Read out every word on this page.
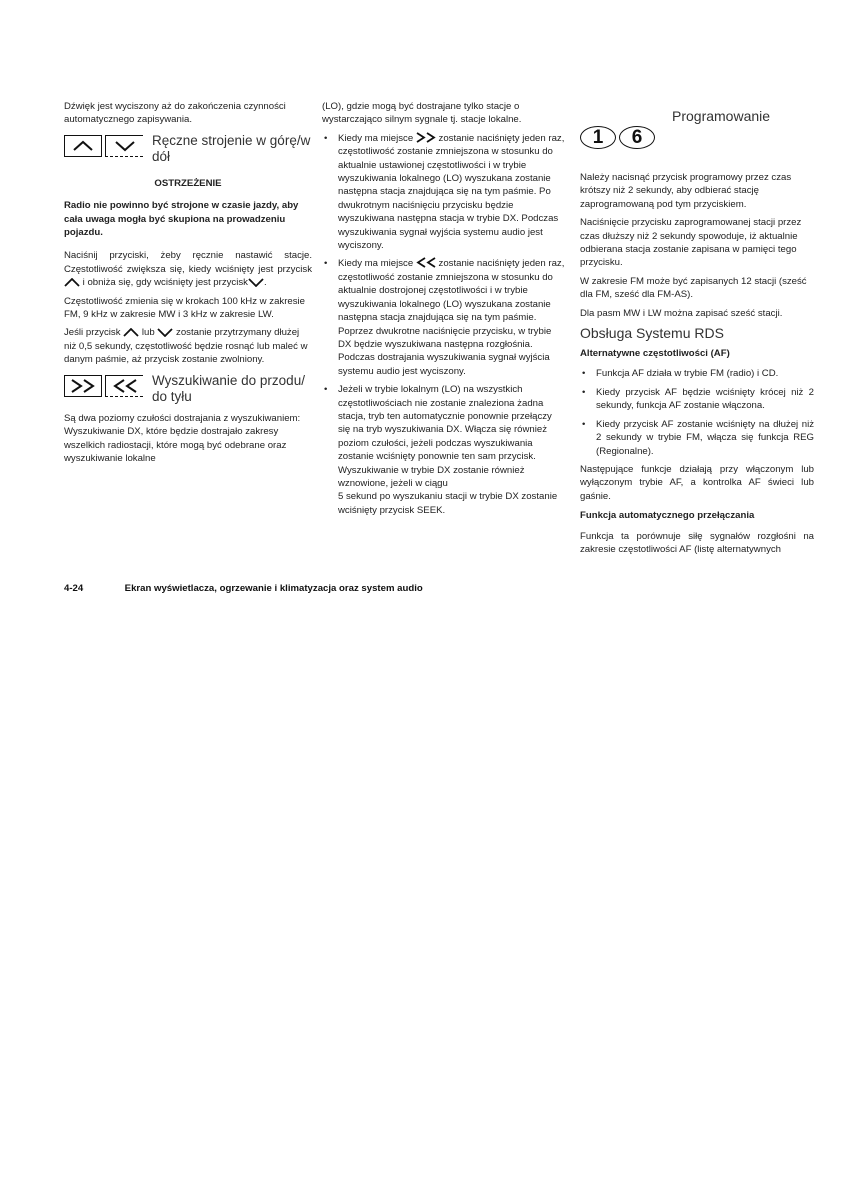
Dźwięk jest wyciszony aż do zakończenia czynności automatycznego zapisywania.

Ręczne strojenie w górę/w dół
OSTRZEŻENIE

Radio nie powinno być strojone w czasie jazdy, aby cała uwaga mogła być skupiona na prowadzeniu pojazdu.

Naciśnij przyciski, żeby ręcznie nastawić stacje. Częstotliwość zwiększa się, kiedy wciśnięty jest przycisk  i obniża się, gdy wciśnięty jest przycisk .

Częstotliwość zmienia się w krokach 100 kHz w zakresie FM, 9 kHz w zakresie MW i 3 kHz w zakresie LW.

Jeśli przycisk lub zostanie przytrzymany dłużej niż 0,5 sekundy, częstotliwość będzie rosnąć lub maleć w danym paśmie, aż przycisk zostanie zwolniony.

Wyszukiwanie do przodu/ do tyłu

Są dwa poziomy czułości dostrajania z wyszukiwaniem: Wyszukiwanie DX, które będzie dostrajało zakresy wszelkich radiostacji, które mogą być odebrane oraz wyszukiwanie lokalne

(LO), gdzie mogą być dostrajane tylko stacje o wystarczająco silnym sygnale tj. stacje lokalne.

• Kiedy ma miejsce	zostanie naciśnięty jeden raz, częstotliwość zostanie zmniejszona w stosunku do aktualnie ustawionej częstotliwości i w trybie wyszukiwania lokalnego (LO) wyszukana zostanie następna stacja znajdująca się na tym paśmie. Po dwukrotnym naciśnięciu przycisku będzie wyszukiwana następna stacja w trybie DX. Podczas wyszukiwania sygnał wyjścia systemu audio jest wyciszony.
• Kiedy ma miejsce	zostanie naciśnięty jeden raz, częstotliwość zostanie zmniejszona w stosunku do aktualnie dostrojonej częstotliwości i w trybie wyszukiwania lokalnego (LO) wyszukana zostanie następna stacja znajdująca się na tym paśmie. Poprzez dwukrotne naciśnięcie przycisku, w trybie DX będzie wyszukiwana następna rozgłośnia. Podczas dostrajania wyszukiwania sygnał wyjścia systemu audio jest wyciszony.
• Jeżeli w trybie lokalnym (LO) na wszystkich częstotliwościach nie zostanie znaleziona żadna stacja, tryb ten automatycznie ponownie przełączy się na tryb wyszukiwania DX. Włącza się również poziom czułości, jeżeli podczas wyszukiwania zostanie wciśnięty ponownie ten sam przycisk. Wyszukiwanie w trybie DX zostanie również wznowione, jeżeli w ciągu
5 sekund po wyszukaniu stacji w trybie DX zostanie wciśnięty przycisk SEEK.
1	6
Programowanie

Należy nacisnąć przycisk programowy przez czas krótszy niż 2 sekundy, aby odbierać stację zaprogramowaną pod tym przyciskiem.

Naciśnięcie przycisku zaprogramowanej stacji przez czas dłuższy niż 2 sekundy spowoduje, iż aktualnie odbierana stacja zostanie zapisana w pamięci tego przycisku.

W zakresie FM może być zapisanych 12 stacji (sześć dla FM, sześć dla FM-AS).

Dla pasm MW i LW można zapisać sześć stacji.

Obsługa Systemu RDS
Alternatywne częstotliwości (AF)
• Funkcja AF działa w trybie FM (radio) i CD.
• Kiedy przycisk AF będzie wciśnięty krócej niż 2 sekundy, funkcja AF zostanie włączona.
• Kiedy przycisk AF zostanie wciśnięty na dłużej niż 2 sekundy w trybie FM, włącza się funkcja REG (Regionalne).

Następujące funkcje działają przy włączonym lub wyłączonym trybie AF, a kontrolka AF świeci lub gaśnie.

Funkcja automatycznego przełączania

Funkcja ta porównuje siłę sygnałów rozgłośni na zakresie częstotliwości AF (listę alternatywnych

4-24	Ekran wyświetlacza, ogrzewanie i klimatyzacja oraz system audio
